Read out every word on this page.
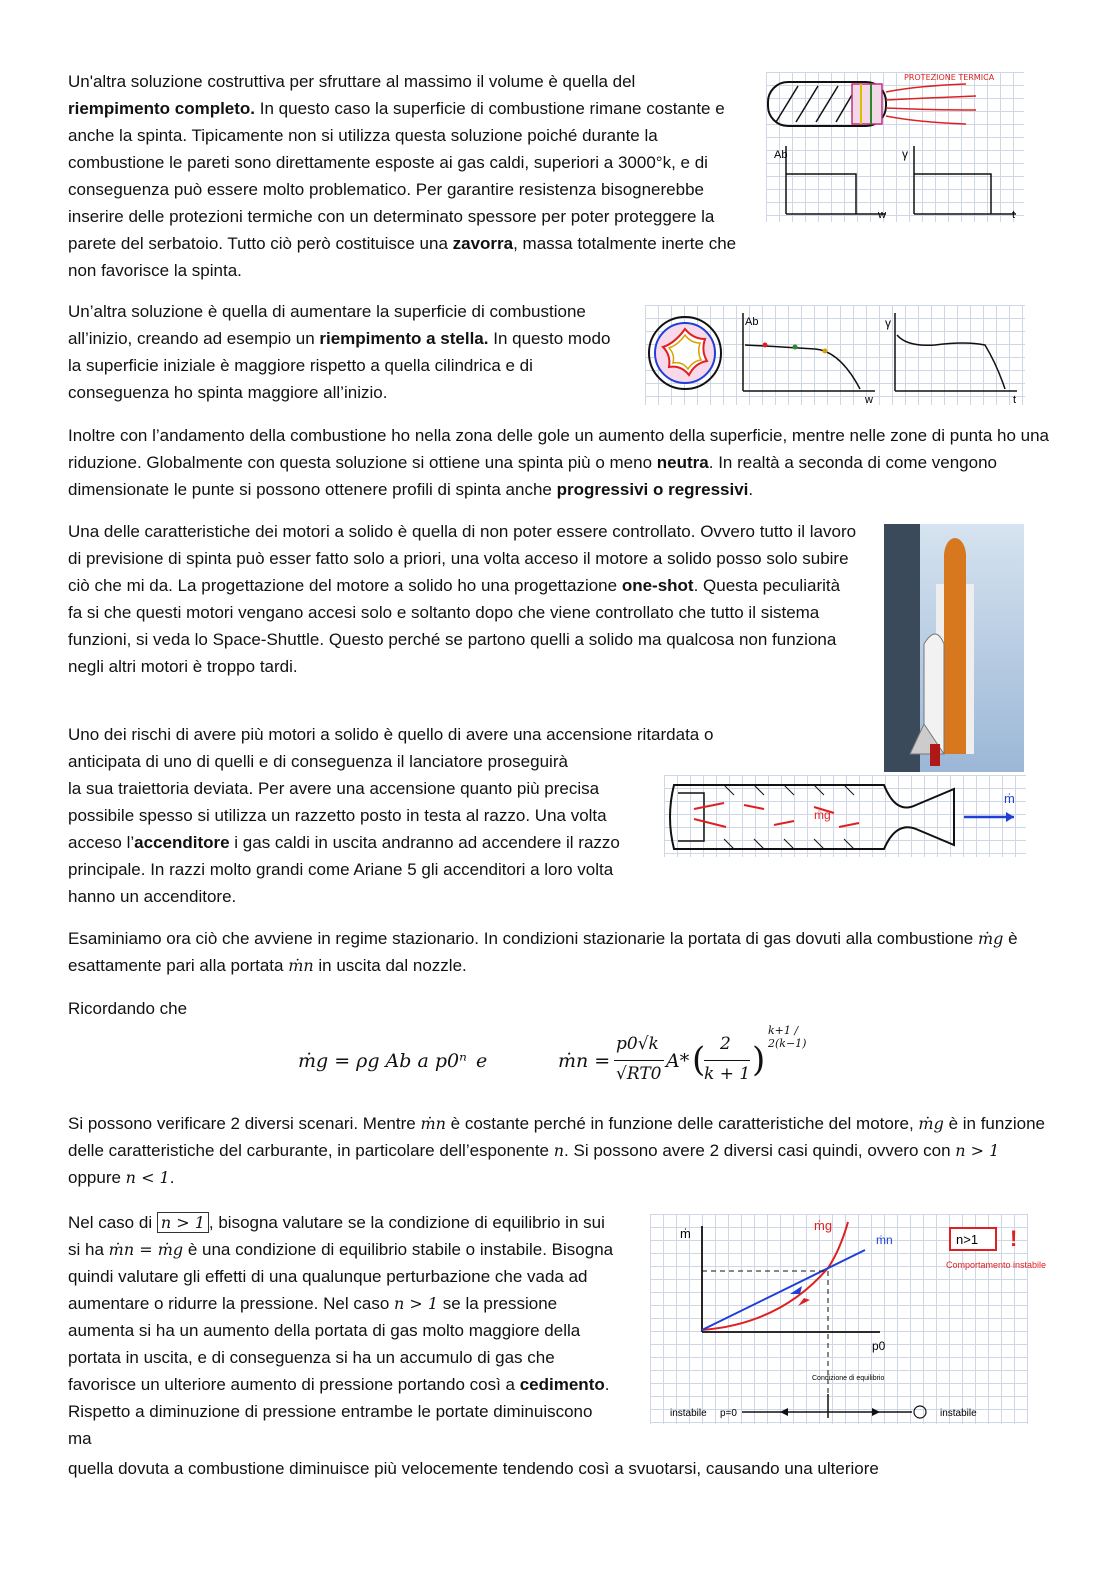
Un'altra soluzione costruttiva per sfruttare al massimo il volume è quella del
riempimento completo. In questo caso la superficie di combustione rimane costante e anche la spinta. Tipicamente non si utilizza questa soluzione poiché durante la combustione le pareti sono direttamente esposte ai gas caldi, superiori a 3000°k, e di conseguenza può essere molto problematico. Per garantire resistenza bisognerebbe inserire delle protezioni termiche con un determinato spessore per poter proteggere la parete del serbatoio. Tutto ciò però costituisce una zavorra, massa totalmente inerte che non favorisce la spinta.

PROTEZIONE TERMICA
Ab
w
γ
t

Un’altra soluzione è quella di aumentare la superficie di combustione all’inizio, creando ad esempio un riempimento a stella. In questo modo la superficie iniziale è maggiore rispetto a quella cilindrica e di conseguenza ho spinta maggiore all’inizio.

Ab
w
γ
t

Inoltre con l’andamento della combustione ho nella zona delle gole un aumento della superficie, mentre nelle zone di punta ho una riduzione. Globalmente con questa soluzione si ottiene una spinta più o meno neutra. In realtà a seconda di come vengono dimensionate le punte si possono ottenere profili di spinta anche progressivi o regressivi.

Una delle caratteristiche dei motori a solido è quella di non poter essere controllato. Ovvero tutto il lavoro di previsione di spinta può esser fatto solo a priori, una volta acceso il motore a solido posso solo subire ciò che mi da. La progettazione del motore a solido ho una progettazione one-shot. Questa peculiarità fa si che questi motori vengano accesi solo e soltanto dopo che viene controllato che tutto il sistema funzioni, si veda lo Space-Shuttle. Questo perché se partono quelli a solido ma qualcosa non funziona negli altri motori è troppo tardi.

Uno dei rischi di avere più motori a solido è quello di avere una accensione ritardata o anticipata di uno di quelli e di conseguenza il lanciatore proseguirà

la sua traiettoria deviata. Per avere una accensione quanto più precisa possibile spesso si utilizza un razzetto posto in testa al razzo. Una volta acceso l’accenditore i gas caldi in uscita andranno ad accendere il razzo principale. In razzi molto grandi come Ariane 5 gli accenditori a loro volta hanno un accenditore.

ṁg
ṁ

Esaminiamo ora ciò che avviene in regime stazionario. In condizioni stazionarie la portata di gas dovuti alla combustione ṁg è esattamente pari alla portata ṁn in uscita dal nozzle.

Ricordando che

ṁg = ρg Ab a p0ⁿ e	ṁn =
p0√k
√RT0
A* ( 2
k + 1 )
k+1 / 2(k−1)

Si possono verificare 2 diversi scenari. Mentre ṁn è costante perché in funzione delle caratteristiche del motore, ṁg è in funzione delle caratteristiche del carburante, in particolare dell’esponente n. Si possono avere 2 diversi casi quindi, ovvero con n > 1 oppure n < 1.

Nel caso di n > 1 , bisogna valutare se la condizione di equilibrio in sui si ha ṁn = ṁg è una condizione di equilibrio stabile o instabile. Bisogna quindi valutare gli effetti di una qualunque perturbazione che vada ad aumentare o ridurre la pressione. Nel caso n > 1 se la pressione aumenta si ha un aumento della portata di gas molto maggiore della portata in uscita, e di conseguenza si ha un accumulo di gas che favorisce un ulteriore aumento di pressione portando così a cedimento. Rispetto a diminuzione di pressione entrambe le portate diminuiscono ma

ṁ
p0
ṁg
ṁn	n>1 !
Comportamento instabile
Condizione di equilibrio
instabile p=0	instabile

quella dovuta a combustione diminuisce più velocemente tendendo così a svuotarsi, causando una ulteriore
